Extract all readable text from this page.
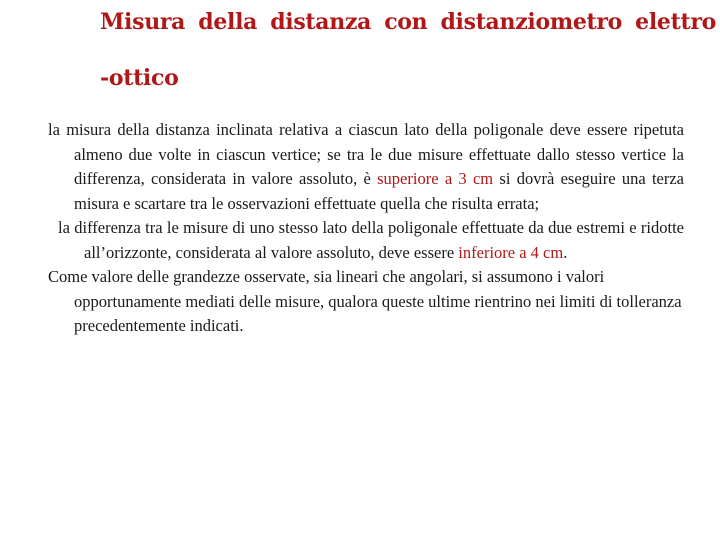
Misura della distanza con distanziometro elettro
-ottico

la misura della distanza inclinata relativa a ciascun lato della poligonale deve essere ripetuta almeno due volte in ciascun vertice; se tra le due misure effettuate dallo stesso vertice la differenza, considerata in valore assoluto, è superiore a 3 cm si dovrà eseguire una terza misura e scartare tra le osservazioni effettuate quella che risulta errata;

la differenza tra le misure di uno stesso lato della poligonale effettuate da due estremi e ridotte all’orizzonte, considerata al valore assoluto, deve essere inferiore a 4 cm.

Come valore delle grandezze osservate, sia lineari che angolari, si assumono i valori opportunamente mediati delle misure, qualora queste ultime rientrino nei limiti di tolleranza precedentemente indicati.
